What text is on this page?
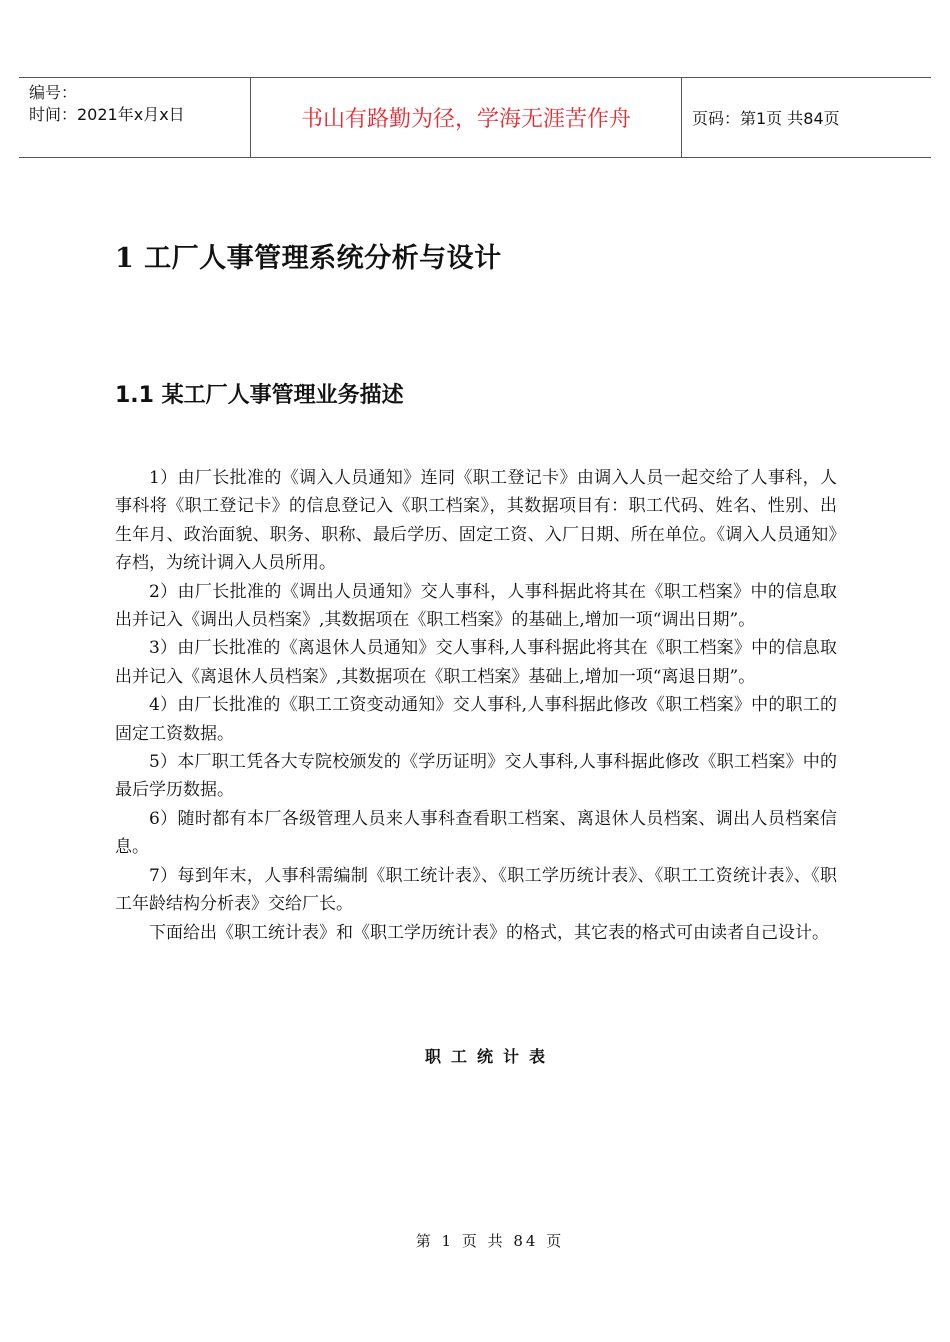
编号：
时间：2021年x月x日	书山有路勤为径，学海无涯苦作舟	页码：第1页 共84页
1 工厂人事管理系统分析与设计
1.1 某工厂人事管理业务描述

1）由厂长批准的《调入人员通知》连同《职工登记卡》由调入人员一起交给了人事科，人事科将《职工登记卡》的信息登记入《职工档案》，其数据项目有：职工代码、姓名、性别、出生年月、政治面貌、职务、职称、最后学历、固定工资、入厂日期、所在单位。《调入人员通知》存档，为统计调入人员所用。

2）由厂长批准的《调出人员通知》交人事科，人事科据此将其在《职工档案》中的信息取出并记入《调出人员档案》,其数据项在《职工档案》的基础上,增加一项“调出日期”。

3）由厂长批准的《离退休人员通知》交人事科,人事科据此将其在《职工档案》中的信息取出并记入《离退休人员档案》,其数据项在《职工档案》基础上,增加一项“离退日期”。

4）由厂长批准的《职工工资变动通知》交人事科,人事科据此修改《职工档案》中的职工的固定工资数据。

5）本厂职工凭各大专院校颁发的《学历证明》交人事科,人事科据此修改《职工档案》中的最后学历数据。

6）随时都有本厂各级管理人员来人事科查看职工档案、离退休人员档案、调出人员档案信息。

7）每到年末，人事科需编制《职工统计表》、《职工学历统计表》、《职工工资统计表》、《职工年龄结构分析表》交给厂长。

下面给出《职工统计表》和《职工学历统计表》的格式，其它表的格式可由读者自己设计。

职工统计表
第 1 页 共 84 页
